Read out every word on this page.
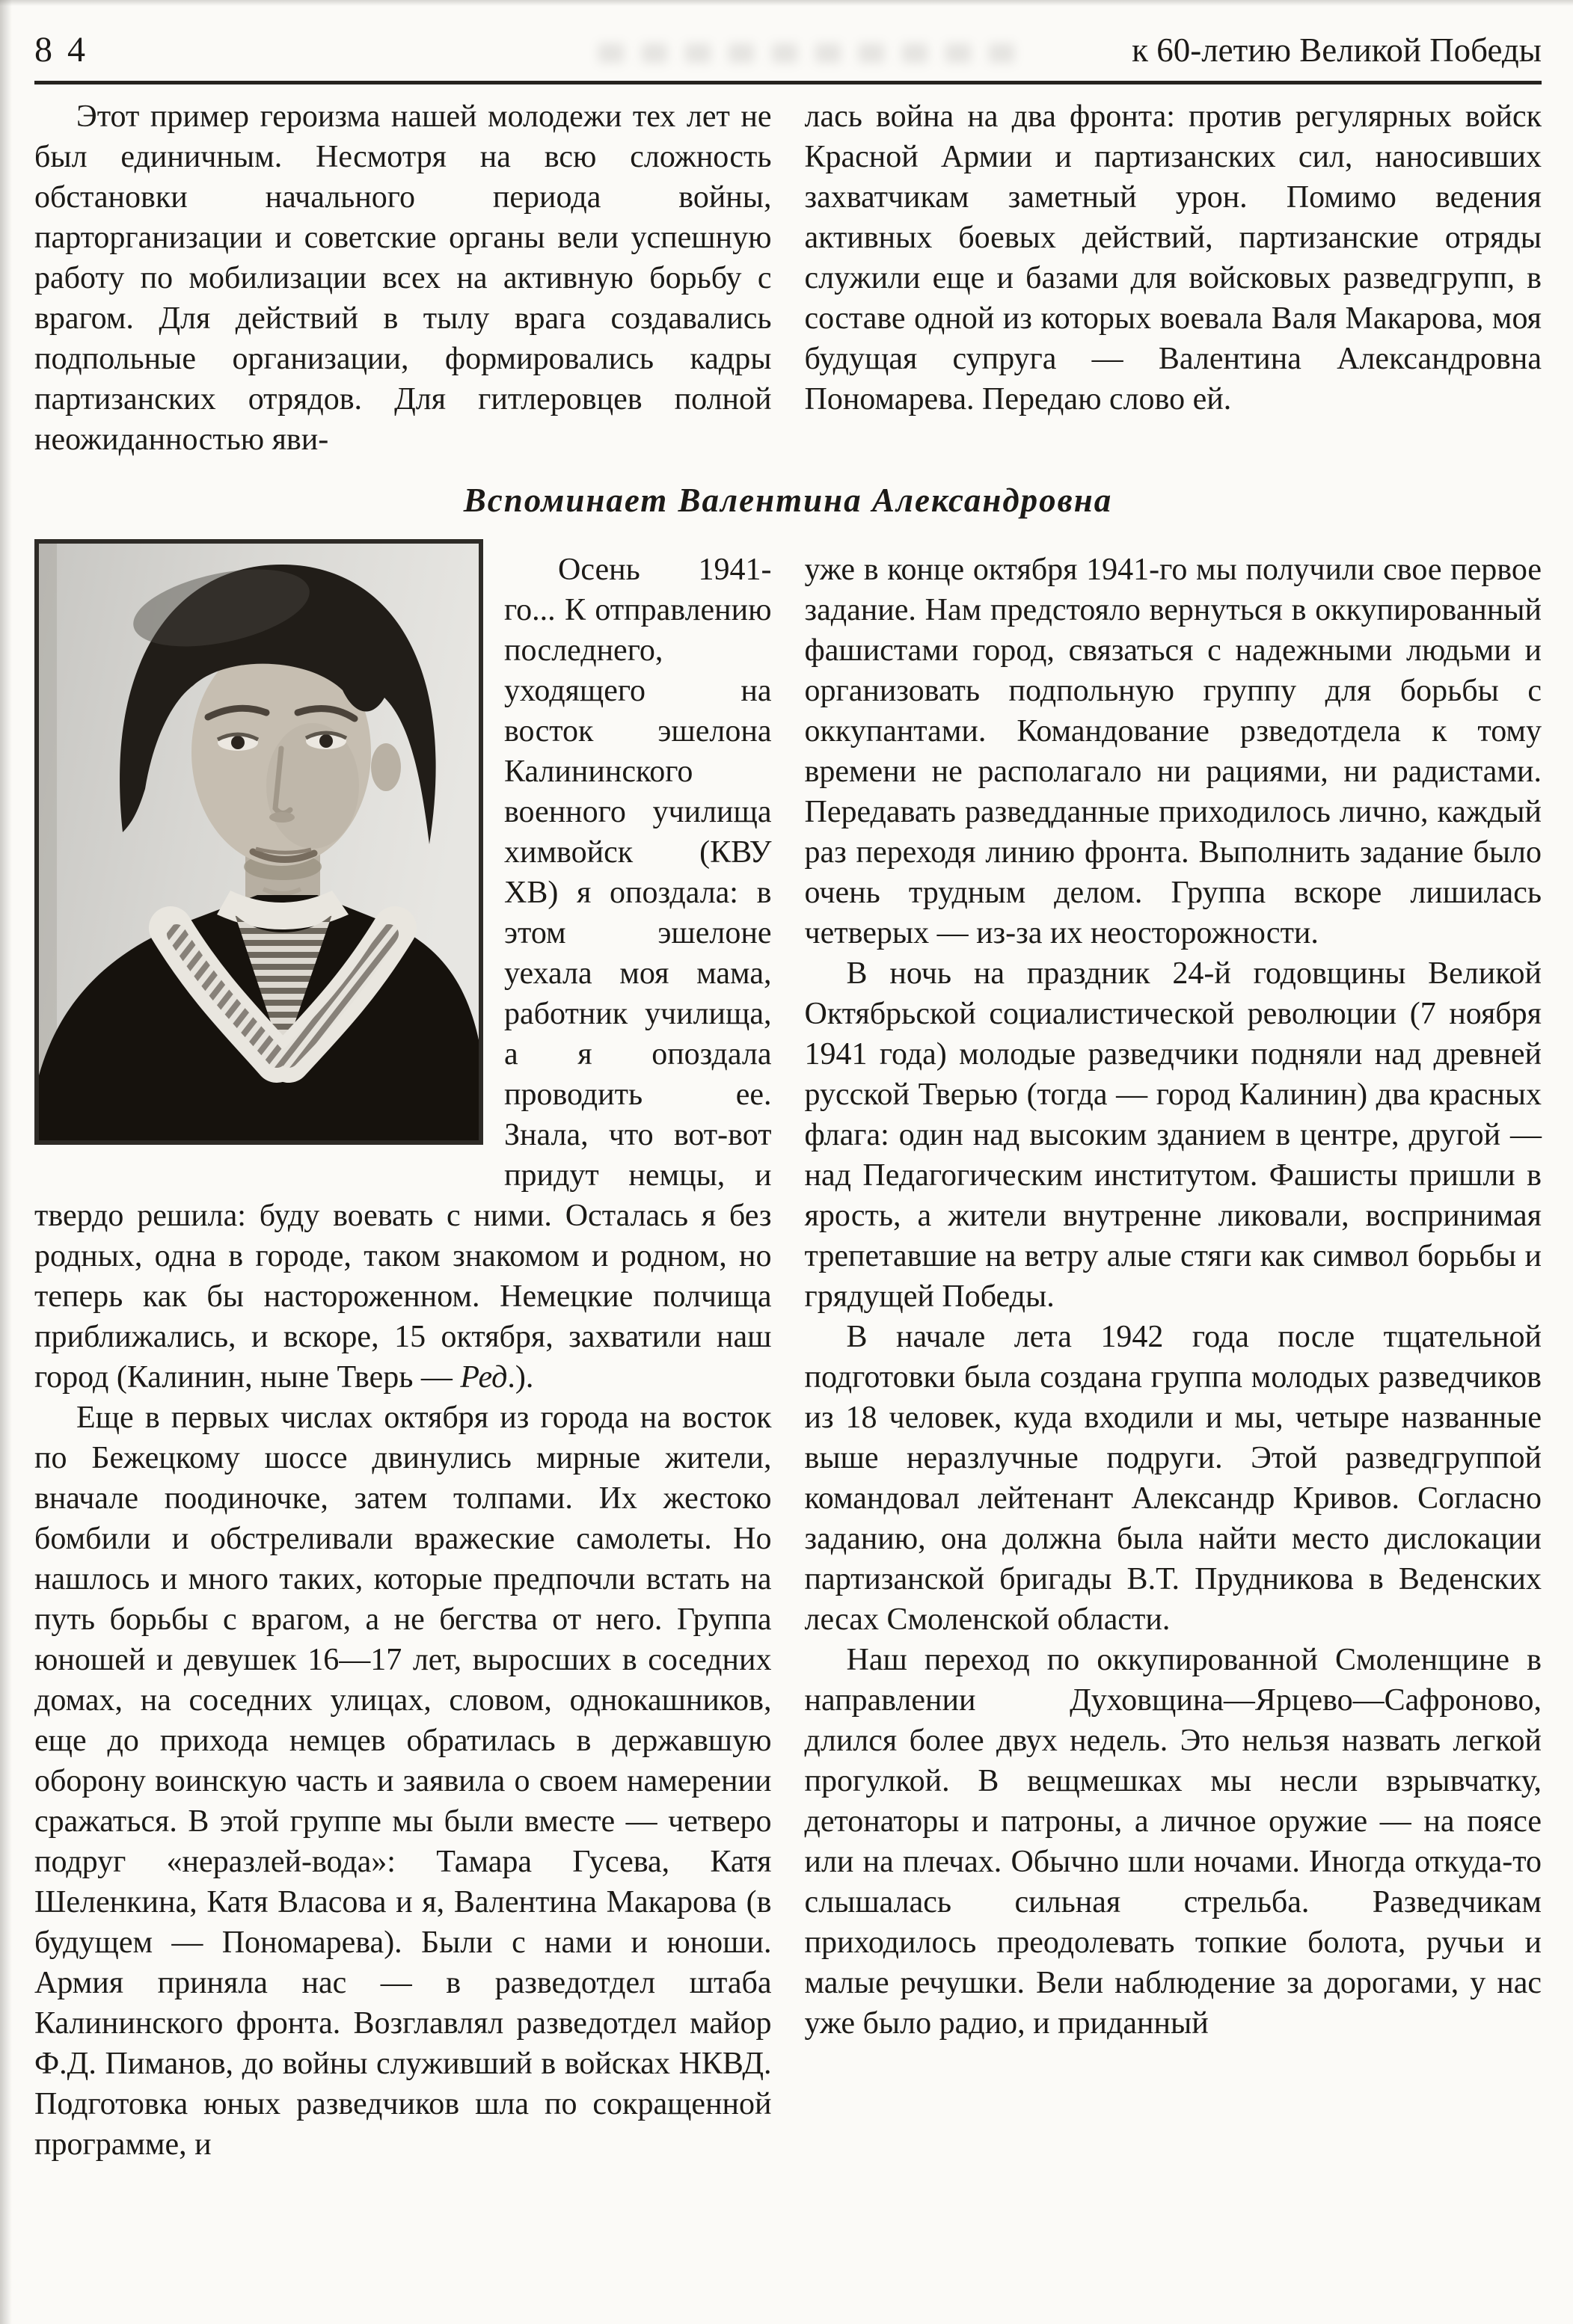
84	к 60-летию Великой Победы

Этот пример героизма нашей молодежи тех лет не был единичным. Несмотря на всю сложность обстановки начального периода войны, парторганизации и советские органы вели успешную работу по мобилизации всех на активную борьбу с врагом. Для действий в тылу врага создавались подпольные организации, формировались кадры партизанских отрядов. Для гитлеровцев полной неожиданностью яви-

лась война на два фронта: против регулярных войск Красной Армии и партизанских сил, наносивших захватчикам заметный урон. Помимо ведения активных боевых действий, партизанские отряды служили еще и базами для войсковых разведгрупп, в составе одной из которых воевала Валя Макарова, моя будущая супруга — Валентина Александровна Пономарева. Передаю слово ей.

Вспоминает Валентина Александровна

Осень 1941-го... К отправлению последнего, уходящего на восток эшелона Калининского военного училища химвойск (КВУ ХВ) я опоздала: в этом эшелоне уехала моя мама, работник училища, а я опоздала проводить ее. Знала, что вот-вот придут немцы, и твердо решила: буду воевать с ними. Осталась я без родных, одна в городе, таком знакомом и родном, но теперь как бы настороженном. Немецкие полчища приближались, и вскоре, 15 октября, захватили наш город (Калинин, ныне Тверь — Ред.).

Еще в первых числах октября из города на восток по Бежецкому шоссе двинулись мирные жители, вначале поодиночке, затем толпами. Их жестоко бомбили и обстреливали вражеские самолеты. Но нашлось и много таких, которые предпочли встать на путь борьбы с врагом, а не бегства от него. Группа юношей и девушек 16—17 лет, выросших в соседних домах, на соседних улицах, словом, однокашников, еще до прихода немцев обратилась в державшую оборону воинскую часть и заявила о своем намерении сражаться. В этой группе мы были вместе — четверо подруг «неразлей-вода»: Тамара Гусева, Катя Шеленкина, Катя Власова и я, Валентина Макарова (в будущем — Пономарева). Были с нами и юноши. Армия приняла нас — в разведотдел штаба Калининского фронта. Возглавлял разведотдел майор Ф.Д. Пиманов, до войны служивший в войсках НКВД. Подготовка юных разведчиков шла по сокращенной программе, и

уже в конце октября 1941-го мы получили свое первое задание. Нам предстояло вернуться в оккупированный фашистами город, связаться с надежными людьми и организовать подпольную группу для борьбы с оккупантами. Командование рзведотдела к тому времени не располагало ни рациями, ни радистами. Передавать разведданные приходилось лично, каждый раз переходя линию фронта. Выполнить задание было очень трудным делом. Группа вскоре лишилась четверых — из-за их неосторожности.

В ночь на праздник 24-й годовщины Великой Октябрьской социалистической революции (7 ноября 1941 года) молодые разведчики подняли над древней русской Тверью (тогда — город Калинин) два красных флага: один над высоким зданием в центре, другой — над Педагогическим институтом. Фашисты пришли в ярость, а жители внутренне ликовали, воспринимая трепетавшие на ветру алые стяги как символ борьбы и грядущей Победы.

В начале лета 1942 года после тщательной подготовки была создана группа молодых разведчиков из 18 человек, куда входили и мы, четыре названные выше неразлучные подруги. Этой разведгруппой командовал лейтенант Александр Кривов. Согласно заданию, она должна была найти место дислокации партизанской бригады В.Т. Прудникова в Веденских лесах Смоленской области.

Наш переход по оккупированной Смоленщине в направлении Духовщина—Ярцево—Сафроново, длился более двух недель. Это нельзя назвать легкой прогулкой. В вещмешках мы несли взрывчатку, детонаторы и патроны, а личное оружие — на поясе или на плечах. Обычно шли ночами. Иногда откуда-то слышалась сильная стрельба. Разведчикам приходилось преодолевать топкие болота, ручьи и малые речушки. Вели наблюдение за дорогами, у нас уже было радио, и приданный
